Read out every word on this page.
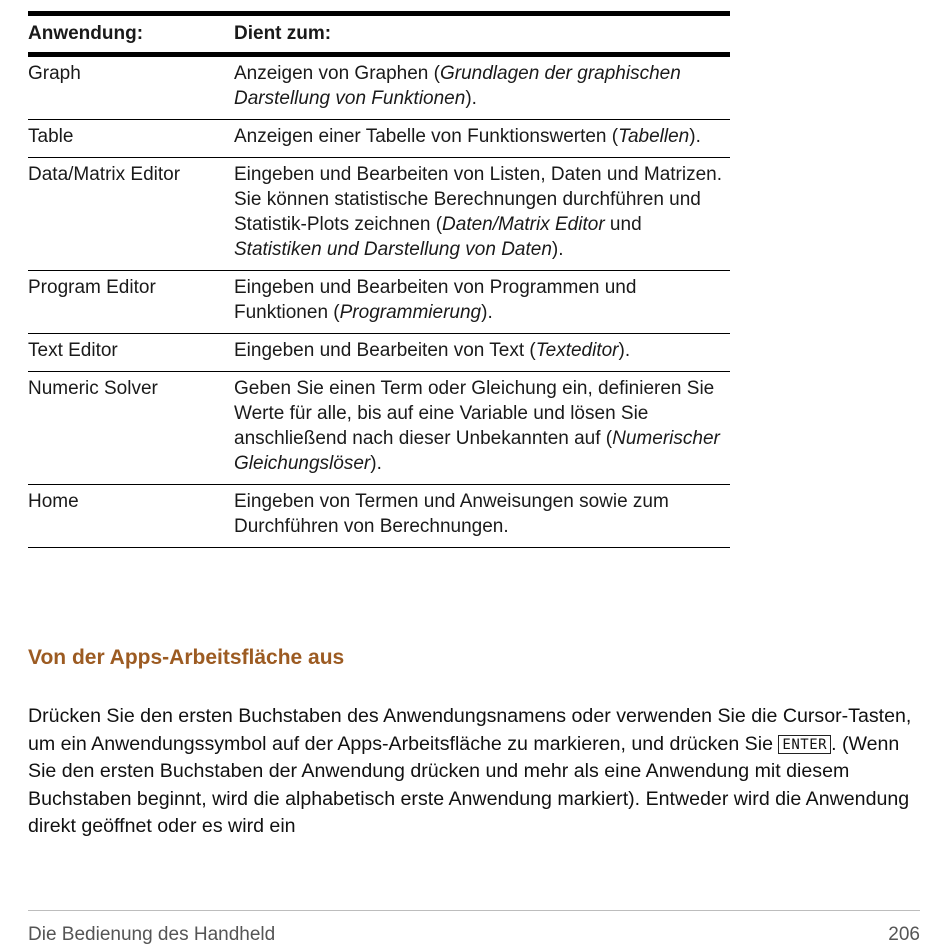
Anwendung:	Dient zum:
Graph	Anzeigen von Graphen (Grundlagen der graphischen Darstellung von Funktionen).
Table	Anzeigen einer Tabelle von Funktionswerten (Tabellen).
Data/Matrix Editor	Eingeben und Bearbeiten von Listen, Daten und Matrizen. Sie können statistische Berechnungen durchführen und Statistik-Plots zeichnen (Daten/Matrix Editor und Statistiken und Darstellung von Daten).
Program Editor	Eingeben und Bearbeiten von Programmen und Funktionen (Programmierung).
Text Editor	Eingeben und Bearbeiten von Text (Texteditor).
Numeric Solver	Geben Sie einen Term oder Gleichung ein, definieren Sie Werte für alle, bis auf eine Variable und lösen Sie anschließend nach dieser Unbekannten auf (Numerischer Gleichungslöser).
Home	Eingeben von Termen und Anweisungen sowie zum Durchführen von Berechnungen.
Von der Apps-Arbeitsfläche aus

Drücken Sie den ersten Buchstaben des Anwendungsnamens oder verwenden Sie die Cursor-Tasten, um ein Anwendungssymbol auf der Apps-Arbeitsfläche zu markieren, und drücken Sie ENTER . (Wenn Sie den ersten Buchstaben der Anwendung drücken und mehr als eine Anwendung mit diesem Buchstaben beginnt, wird die alphabetisch erste Anwendung markiert). Entweder wird die Anwendung direkt geöffnet oder es wird ein

Die Bedienung des Handheld	206
